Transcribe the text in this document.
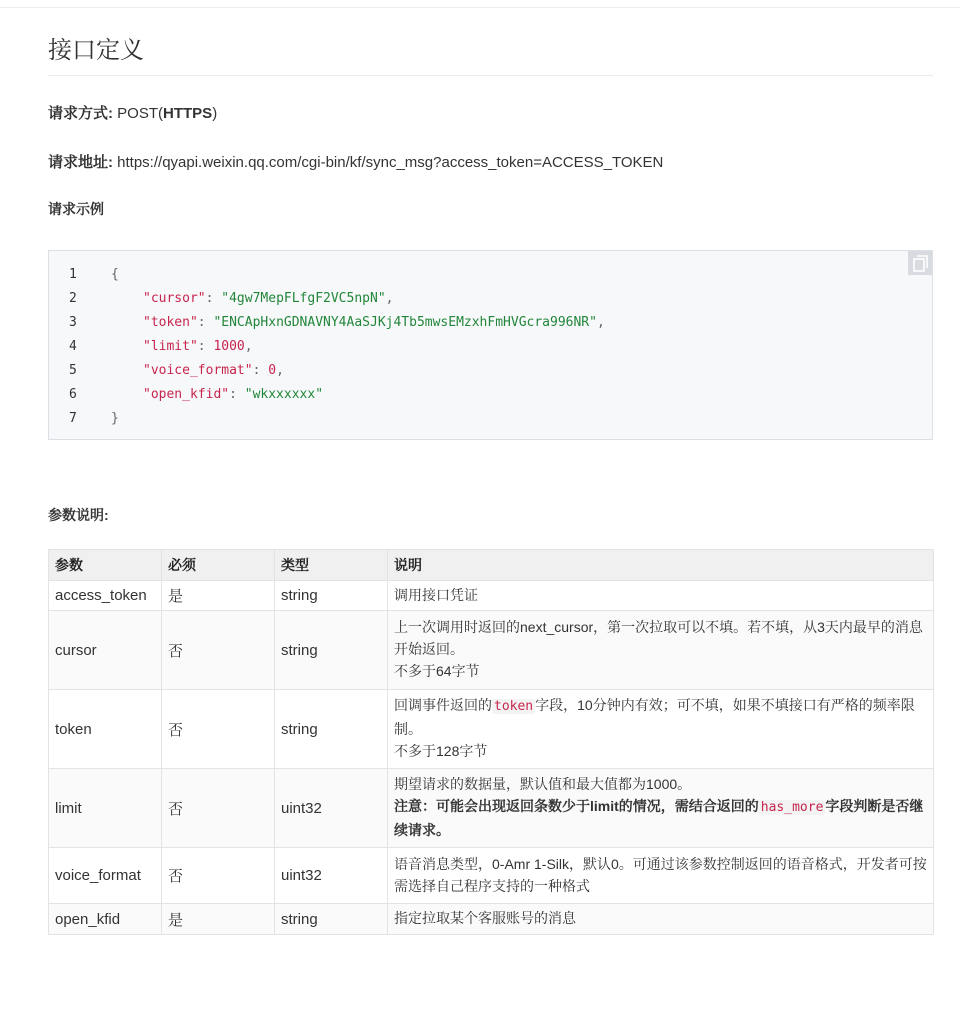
接口定义
请求方式: POST(HTTPS)
请求地址: https://qyapi.weixin.qq.com/cgi-bin/kf/sync_msg?access_token=ACCESS_TOKEN
请求示例
1	{
2	"cursor": "4gw7MepFLfgF2VC5npN",
3	"token": "ENCApHxnGDNAVNY4AaSJKj4Tb5mwsEMzxhFmHVGcra996NR",
4	"limit": 1000,
5	"voice_format": 0,
6	"open_kfid": "wkxxxxxx"
7	}
参数说明:
参数	必须	类型	说明
access_token	是	string	调用接口凭证
cursor	否	string	上一次调用时返回的next_cursor，第一次拉取可以不填。若不填，从3天内最早的消息开始返回。
不多于64字节
token	否	string	回调事件返回的 token 字段，10分钟内有效；可不填，如果不填接口有严格的频率限制。
不多于128字节
limit	否	uint32	期望请求的数据量，默认值和最大值都为1000。
注意：可能会出现返回条数少于limit的情况，需结合返回的 has_more 字段判断是否继续请求。
voice_format	否	uint32	语音消息类型，0-Amr 1-Silk，默认0。可通过该参数控制返回的语音格式，开发者可按需选择自己程序支持的一种格式
open_kfid	是	string	指定拉取某个客服账号的消息
